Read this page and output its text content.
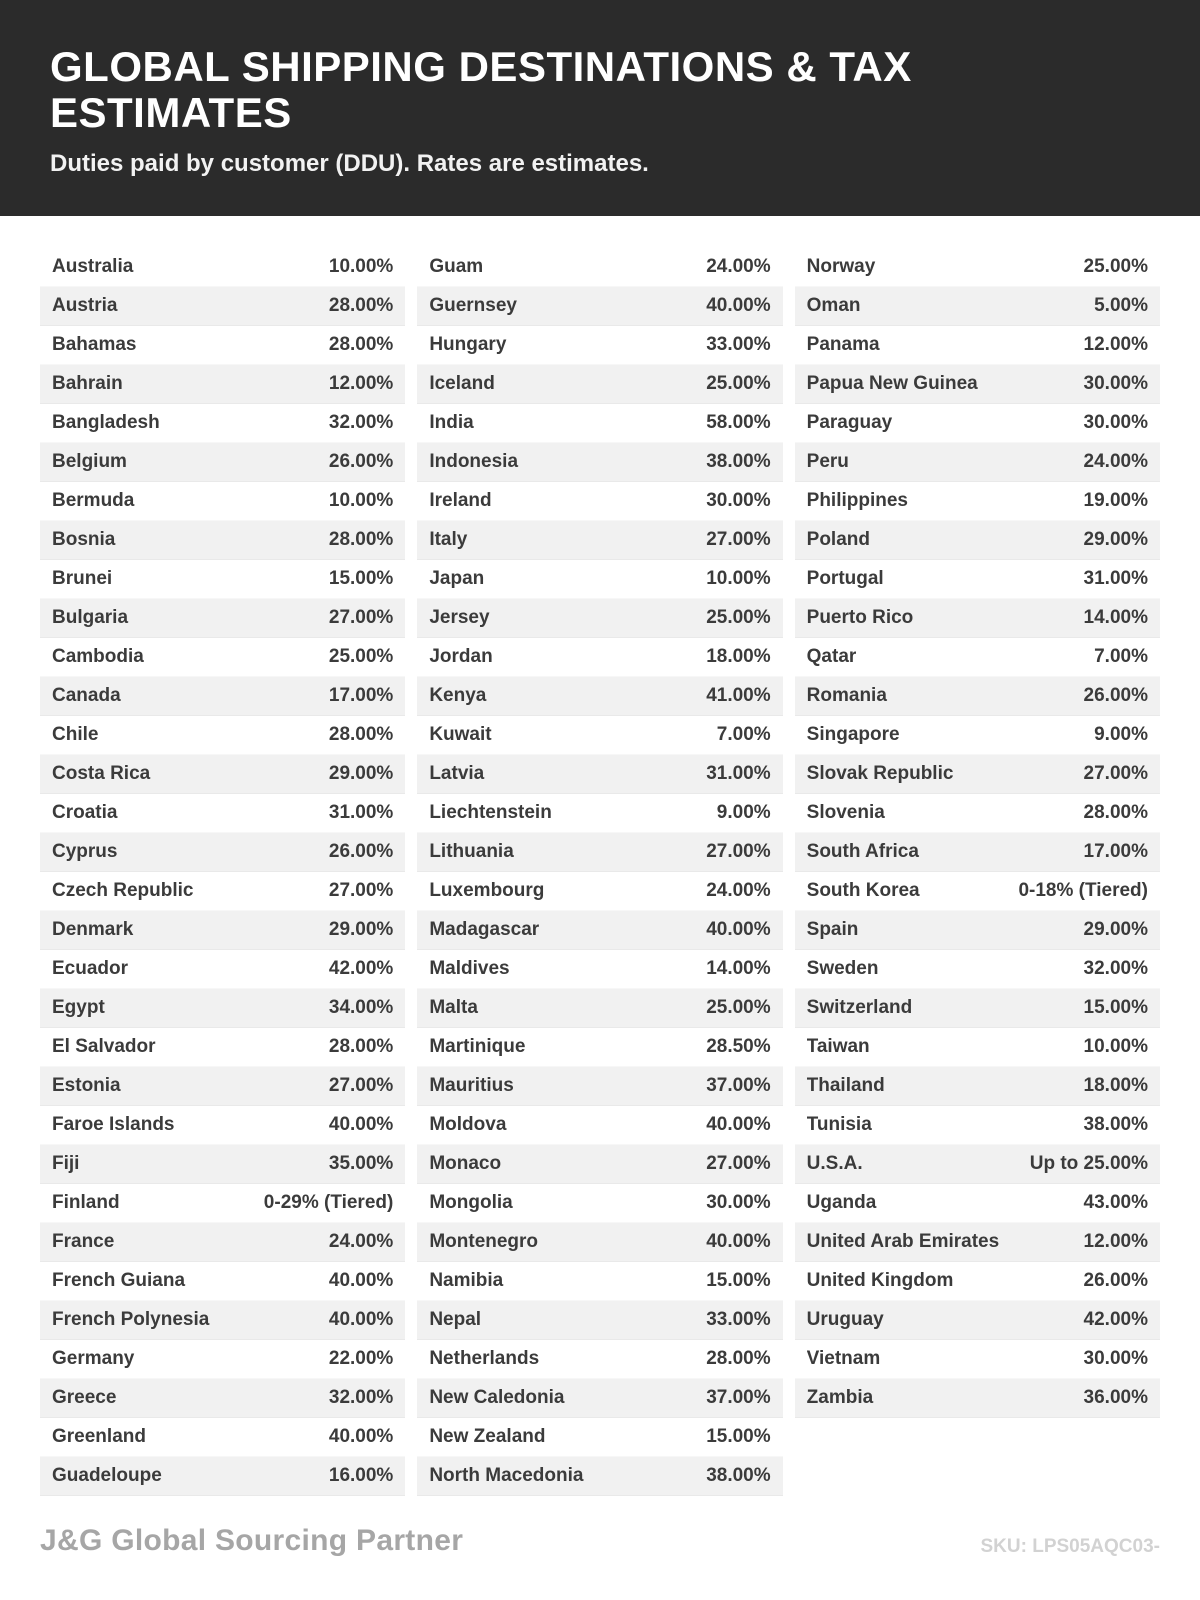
GLOBAL SHIPPING DESTINATIONS & TAX ESTIMATES
Duties paid by customer (DDU). Rates are estimates.
Australia	10.00%
Austria	28.00%
Bahamas	28.00%
Bahrain	12.00%
Bangladesh	32.00%
Belgium	26.00%
Bermuda	10.00%
Bosnia	28.00%
Brunei	15.00%
Bulgaria	27.00%
Cambodia	25.00%
Canada	17.00%
Chile	28.00%
Costa Rica	29.00%
Croatia	31.00%
Cyprus	26.00%
Czech Republic	27.00%
Denmark	29.00%
Ecuador	42.00%
Egypt	34.00%
El Salvador	28.00%
Estonia	27.00%
Faroe Islands	40.00%
Fiji	35.00%
Finland	0-29% (Tiered)
France	24.00%
French Guiana	40.00%
French Polynesia	40.00%
Germany	22.00%
Greece	32.00%
Greenland	40.00%
Guadeloupe	16.00%
Guam	24.00%
Guernsey	40.00%
Hungary	33.00%
Iceland	25.00%
India	58.00%
Indonesia	38.00%
Ireland	30.00%
Italy	27.00%
Japan	10.00%
Jersey	25.00%
Jordan	18.00%
Kenya	41.00%
Kuwait	7.00%
Latvia	31.00%
Liechtenstein	9.00%
Lithuania	27.00%
Luxembourg	24.00%
Madagascar	40.00%
Maldives	14.00%
Malta	25.00%
Martinique	28.50%
Mauritius	37.00%
Moldova	40.00%
Monaco	27.00%
Mongolia	30.00%
Montenegro	40.00%
Namibia	15.00%
Nepal	33.00%
Netherlands	28.00%
New Caledonia	37.00%
New Zealand	15.00%
North Macedonia	38.00%
Norway	25.00%
Oman	5.00%
Panama	12.00%
Papua New Guinea	30.00%
Paraguay	30.00%
Peru	24.00%
Philippines	19.00%
Poland	29.00%
Portugal	31.00%
Puerto Rico	14.00%
Qatar	7.00%
Romania	26.00%
Singapore	9.00%
Slovak Republic	27.00%
Slovenia	28.00%
South Africa	17.00%
South Korea	0-18% (Tiered)
Spain	29.00%
Sweden	32.00%
Switzerland	15.00%
Taiwan	10.00%
Thailand	18.00%
Tunisia	38.00%
U.S.A.	Up to 25.00%
Uganda	43.00%
United Arab Emirates	12.00%
United Kingdom	26.00%
Uruguay	42.00%
Vietnam	30.00%
Zambia	36.00%
J&G Global Sourcing Partner	SKU: LPS05AQC03-
